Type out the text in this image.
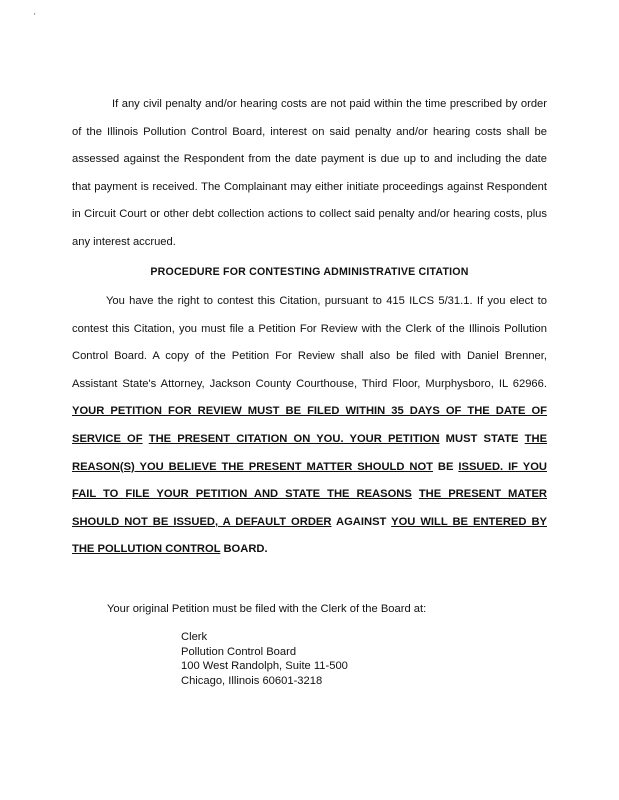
'

If any civil penalty and/or hearing costs are not paid within the time prescribed by order of the Illinois Pollution Control Board, interest on said penalty and/or hearing costs shall be assessed against the Respondent from the date payment is due up to and including the date that payment is received. The Complainant may either initiate proceedings against Respondent in Circuit Court or other debt collection actions to collect said penalty and/or hearing costs, plus any interest accrued.

PROCEDURE FOR CONTESTING ADMINISTRATIVE CITATION

You have the right to contest this Citation, pursuant to 415 ILCS 5/31.1. If you elect to contest this Citation, you must file a Petition For Review with the Clerk of the Illinois Pollution Control Board. A copy of the Petition For Review shall also be filed with Daniel Brenner, Assistant State's Attorney, Jackson County Courthouse, Third Floor, Murphysboro, IL 62966. YOUR PETITION FOR REVIEW MUST BE FILED WITHIN 35 DAYS OF THE DATE OF SERVICE OF THE PRESENT CITATION ON YOU. YOUR PETITION MUST STATE THE REASON(S) YOU BELIEVE THE PRESENT MATTER SHOULD NOT BE ISSUED. IF YOU FAIL TO FILE YOUR PETITION AND STATE THE REASONS THE PRESENT MATER SHOULD NOT BE ISSUED, A DEFAULT ORDER AGAINST YOU WILL BE ENTERED BY THE POLLUTION CONTROL BOARD.

Your original Petition must be filed with the Clerk of the Board at:

Clerk
Pollution Control Board
100 West Randolph, Suite 11-500
Chicago, Illinois 60601-3218
